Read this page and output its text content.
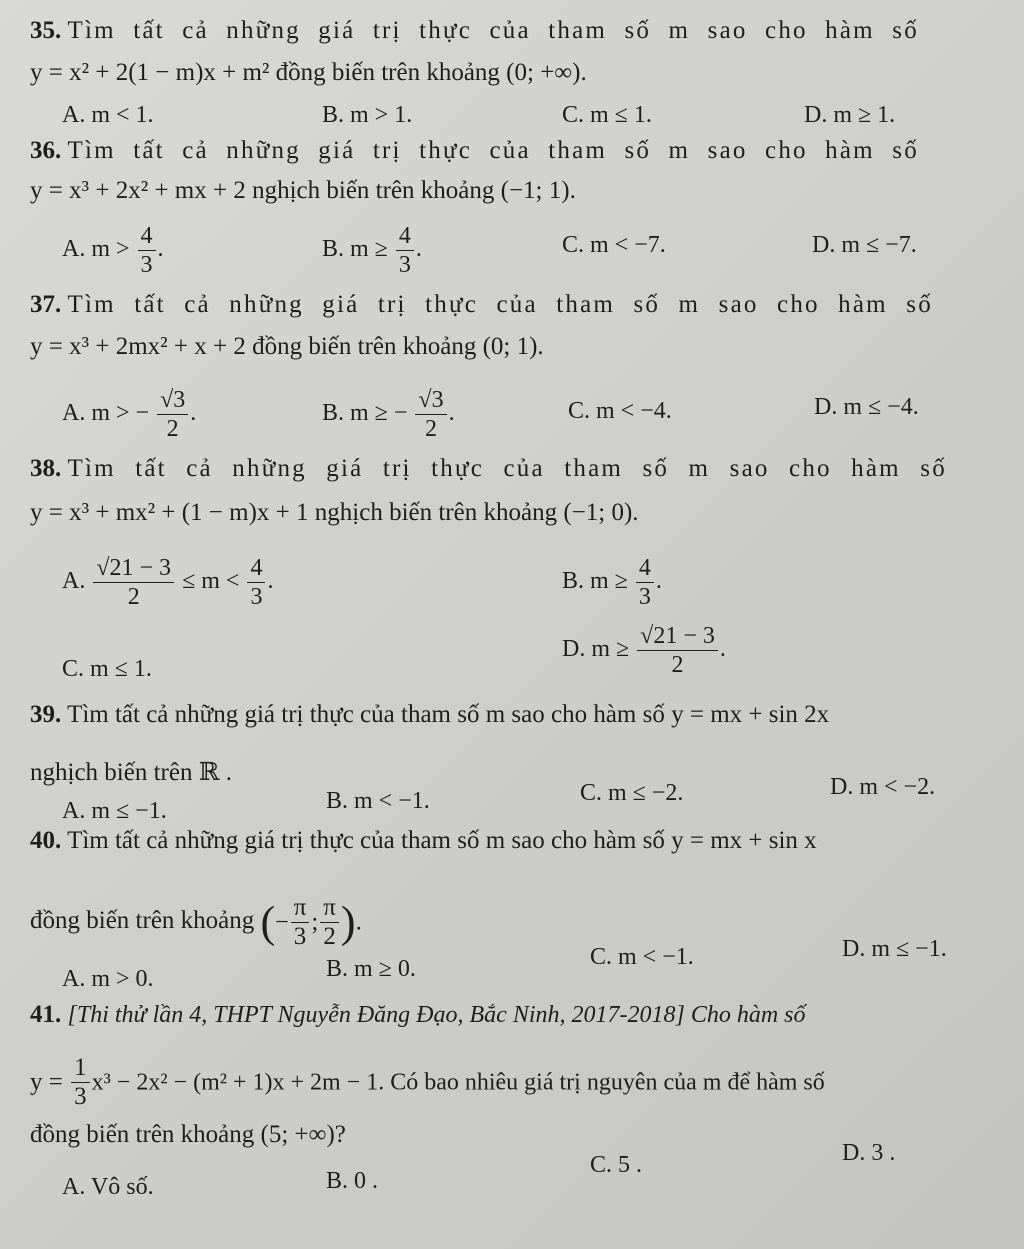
35. Tìm tất cả những giá trị thực của tham số m sao cho hàm số
y = x² + 2(1 − m)x + m² đồng biến trên khoảng (0; +∞).
A. m < 1.	B. m > 1.	C. m ≤ 1.	D. m ≥ 1.
36. Tìm tất cả những giá trị thực của tham số m sao cho hàm số
y = x³ + 2x² + mx + 2 nghịch biến trên khoảng (−1; 1).
A. $m > \frac{4}{3}$ .	B. $m \ge \frac{4}{3}$ .	C. m < −7.	D. m ≤ −7.
37. Tìm tất cả những giá trị thực của tham số m sao cho hàm số
y = x³ + 2mx² + x + 2 đồng biến trên khoảng (0; 1).
A. m > − $\frac{√3}{2}$ .	B. m ≥ − $\frac{√3}{2}$ .	C. m < −4.	D. m ≤ −4.
38. Tìm tất cả những giá trị thực của tham số m sao cho hàm số
y = x³ + mx² + (1 − m)x + 1 nghịch biến trên khoảng (−1; 0).
A. $\frac{√21 - 3}{2} \le m < \frac{4}{3}$ .	B. $m \ge \frac{4}{3}$ .
C. m ≤ 1.
D. $m \ge \frac{√21 - 3}{2}$ .
39. Tìm tất cả những giá trị thực của tham số m sao cho hàm số y = mx + sin 2x
nghịch biến trên ℝ .
A. m ≤ −1.	B. m < −1.	C. m ≤ −2.	D. m < −2.
40. Tìm tất cả những giá trị thực của tham số m sao cho hàm số y = mx + sin x
đồng biến trên khoảng (− $\frac{\pi}{3}$ ; $\frac{\pi}{2}$ ).
A. m > 0.	B. m ≥ 0.	C. m < −1.	D. m ≤ −1.
41. [Thi thử lần 4, THPT Nguyễn Đăng Đạo, Bắc Ninh, 2017-2018] Cho hàm số
$y = \frac{1}{3} x^3 - 2x^2 - (m^2 + 1)x + 2m - 1$. Có bao nhiêu giá trị nguyên của m để hàm số
đồng biến trên khoảng (5; +∞)?
A. Vô số.	B. 0 .
C. 5 .	D. 3 .
